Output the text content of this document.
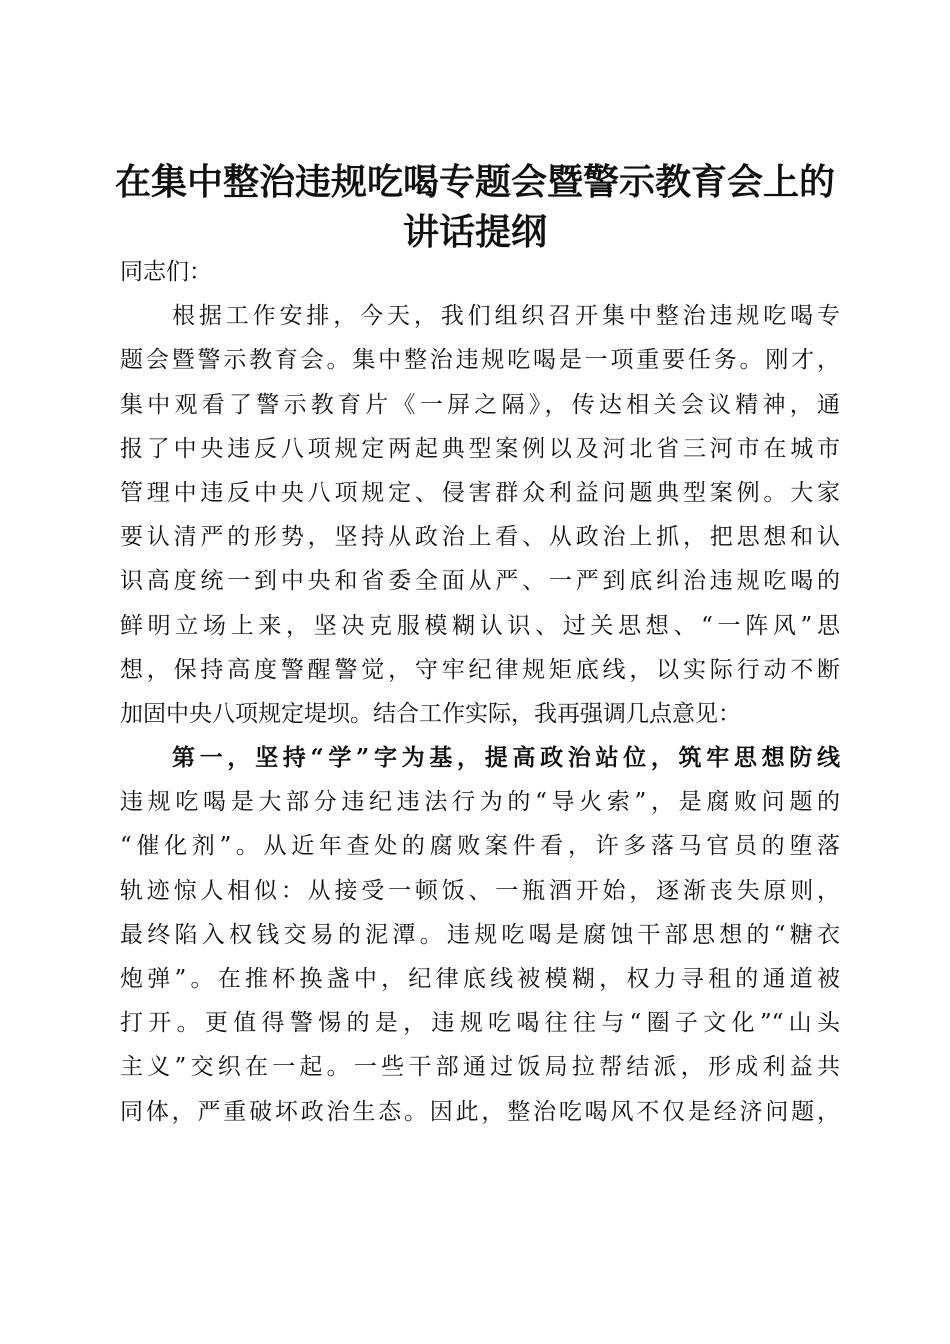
在集中整治违规吃喝专题会暨警示教育会上的
讲话提纲
同志们：
根据工作安排，今天，我们组织召开集中整治违规吃喝专
题会暨警示教育会。集中整治违规吃喝是一项重要任务。刚才，
集中观看了警示教育片《一屏之隔》，传达相关会议精神，通
报了中央违反八项规定两起典型案例以及河北省三河市在城市
管理中违反中央八项规定、侵害群众利益问题典型案例。大家
要认清严的形势，坚持从政治上看、从政治上抓，把思想和认
识高度统一到中央和省委全面从严、一严到底纠治违规吃喝的
鲜明立场上来，坚决克服模糊认识、过关思想、“一阵风”思
想，保持高度警醒警觉，守牢纪律规矩底线，以实际行动不断
加固中央八项规定堤坝。结合工作实际，我再强调几点意见：
第一，坚持“学”字为基，提高政治站位，筑牢思想防线
违规吃喝是大部分违纪违法行为的“导火索”，是腐败问题的
“催化剂”。从近年查处的腐败案件看，许多落马官员的堕落
轨迹惊人相似：从接受一顿饭、一瓶酒开始，逐渐丧失原则，
最终陷入权钱交易的泥潭。违规吃喝是腐蚀干部思想的“糖衣
炮弹”。在推杯换盏中，纪律底线被模糊，权力寻租的通道被
打开。更值得警惕的是，违规吃喝往往与“圈子文化”“山头
主义”交织在一起。一些干部通过饭局拉帮结派，形成利益共
同体，严重破坏政治生态。因此，整治吃喝风不仅是经济问题，
